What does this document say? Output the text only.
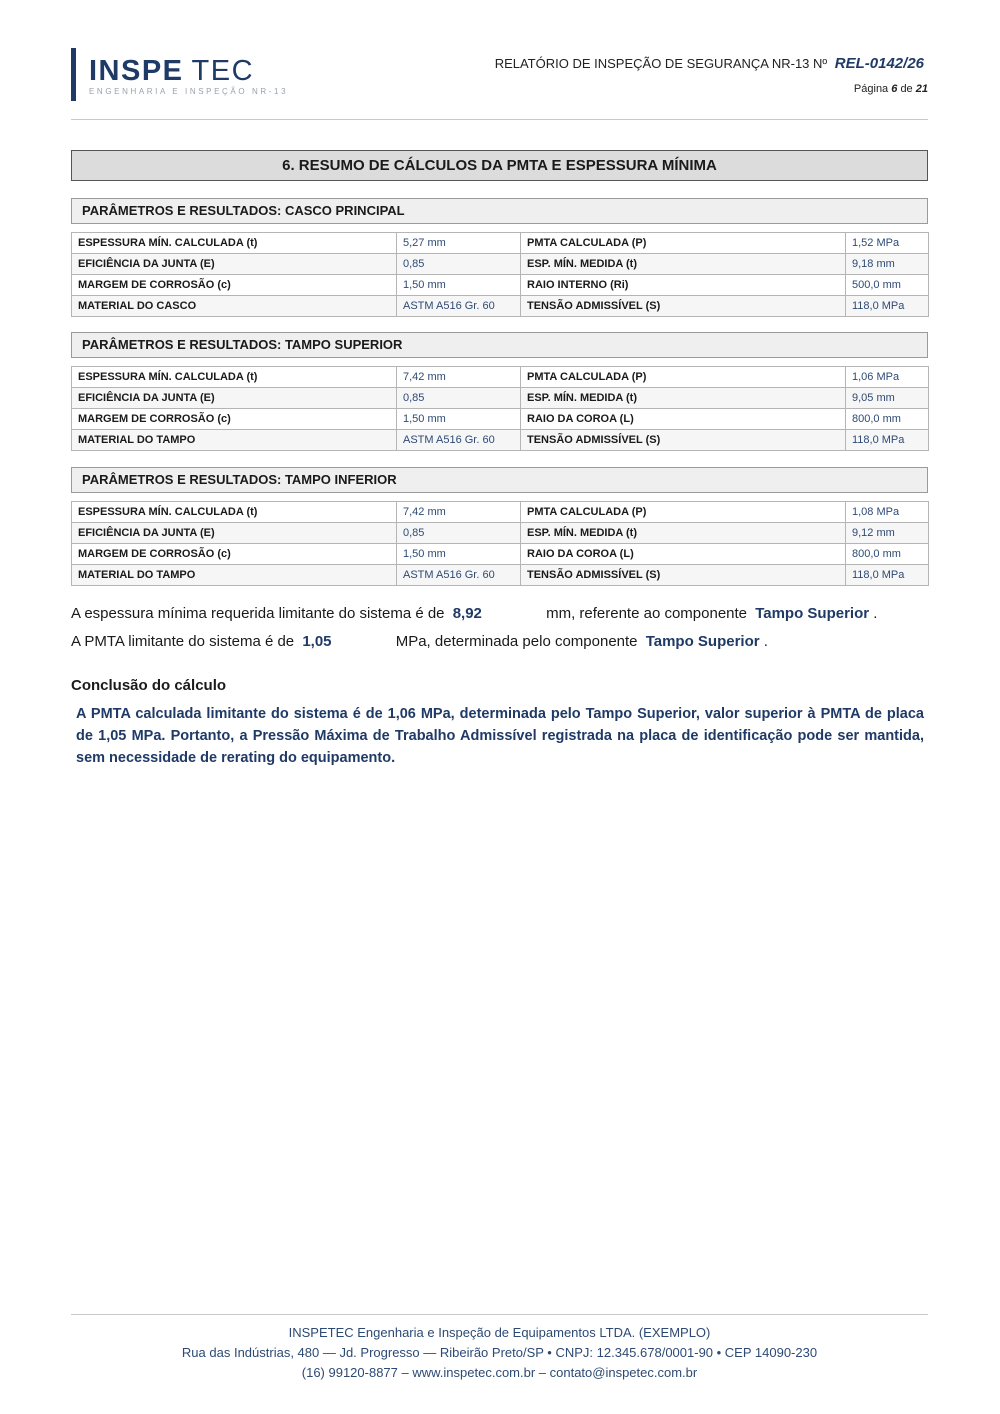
INSPE TEC
ENGENHARIA E INSPEÇÃO NR-13
RELATÓRIO DE INSPEÇÃO DE SEGURANÇA NR-13 Nº REL-0142/26
Página 6 de 21
6. RESUMO DE CÁLCULOS DA PMTA E ESPESSURA MÍNIMA
PARÂMETROS E RESULTADOS: CASCO PRINCIPAL
ESPESSURA MÍN. CALCULADA (t)	5,27 mm	PMTA CALCULADA (P)	1,52 MPa
EFICIÊNCIA DA JUNTA (E)	0,85	ESP. MÍN. MEDIDA (t)	9,18 mm
MARGEM DE CORROSÃO (c)	1,50 mm	RAIO INTERNO (Ri)	500,0 mm
MATERIAL DO CASCO	ASTM A516 Gr. 60	TENSÃO ADMISSÍVEL (S)	118,0 MPa
PARÂMETROS E RESULTADOS: TAMPO SUPERIOR
ESPESSURA MÍN. CALCULADA (t)	7,42 mm	PMTA CALCULADA (P)	1,06 MPa
EFICIÊNCIA DA JUNTA (E)	0,85	ESP. MÍN. MEDIDA (t)	9,05 mm
MARGEM DE CORROSÃO (c)	1,50 mm	RAIO DA COROA (L)	800,0 mm
MATERIAL DO TAMPO	ASTM A516 Gr. 60	TENSÃO ADMISSÍVEL (S)	118,0 MPa
PARÂMETROS E RESULTADOS: TAMPO INFERIOR
ESPESSURA MÍN. CALCULADA (t)	7,42 mm	PMTA CALCULADA (P)	1,08 MPa
EFICIÊNCIA DA JUNTA (E)	0,85	ESP. MÍN. MEDIDA (t)	9,12 mm
MARGEM DE CORROSÃO (c)	1,50 mm	RAIO DA COROA (L)	800,0 mm
MATERIAL DO TAMPO	ASTM A516 Gr. 60	TENSÃO ADMISSÍVEL (S)	118,0 MPa
A espessura mínima requerida limitante do sistema é de 8,92	mm, referente ao componente Tampo Superior .
A PMTA limitante do sistema é de 1,05	MPa, determinada pelo componente Tampo Superior .
Conclusão do cálculo
A PMTA calculada limitante do sistema é de 1,06 MPa, determinada pelo Tampo Superior, valor superior à PMTA de placa de 1,05 MPa. Portanto, a Pressão Máxima de Trabalho Admissível registrada na placa de identificação pode ser mantida, sem necessidade de rerating do equipamento.
INSPETEC Engenharia e Inspeção de Equipamentos LTDA. (EXEMPLO)
Rua das Indústrias, 480 — Jd. Progresso — Ribeirão Preto/SP • CNPJ: 12.345.678/0001-90 • CEP 14090-230
(16) 99120-8877 – www.inspetec.com.br – contato@inspetec.com.br
